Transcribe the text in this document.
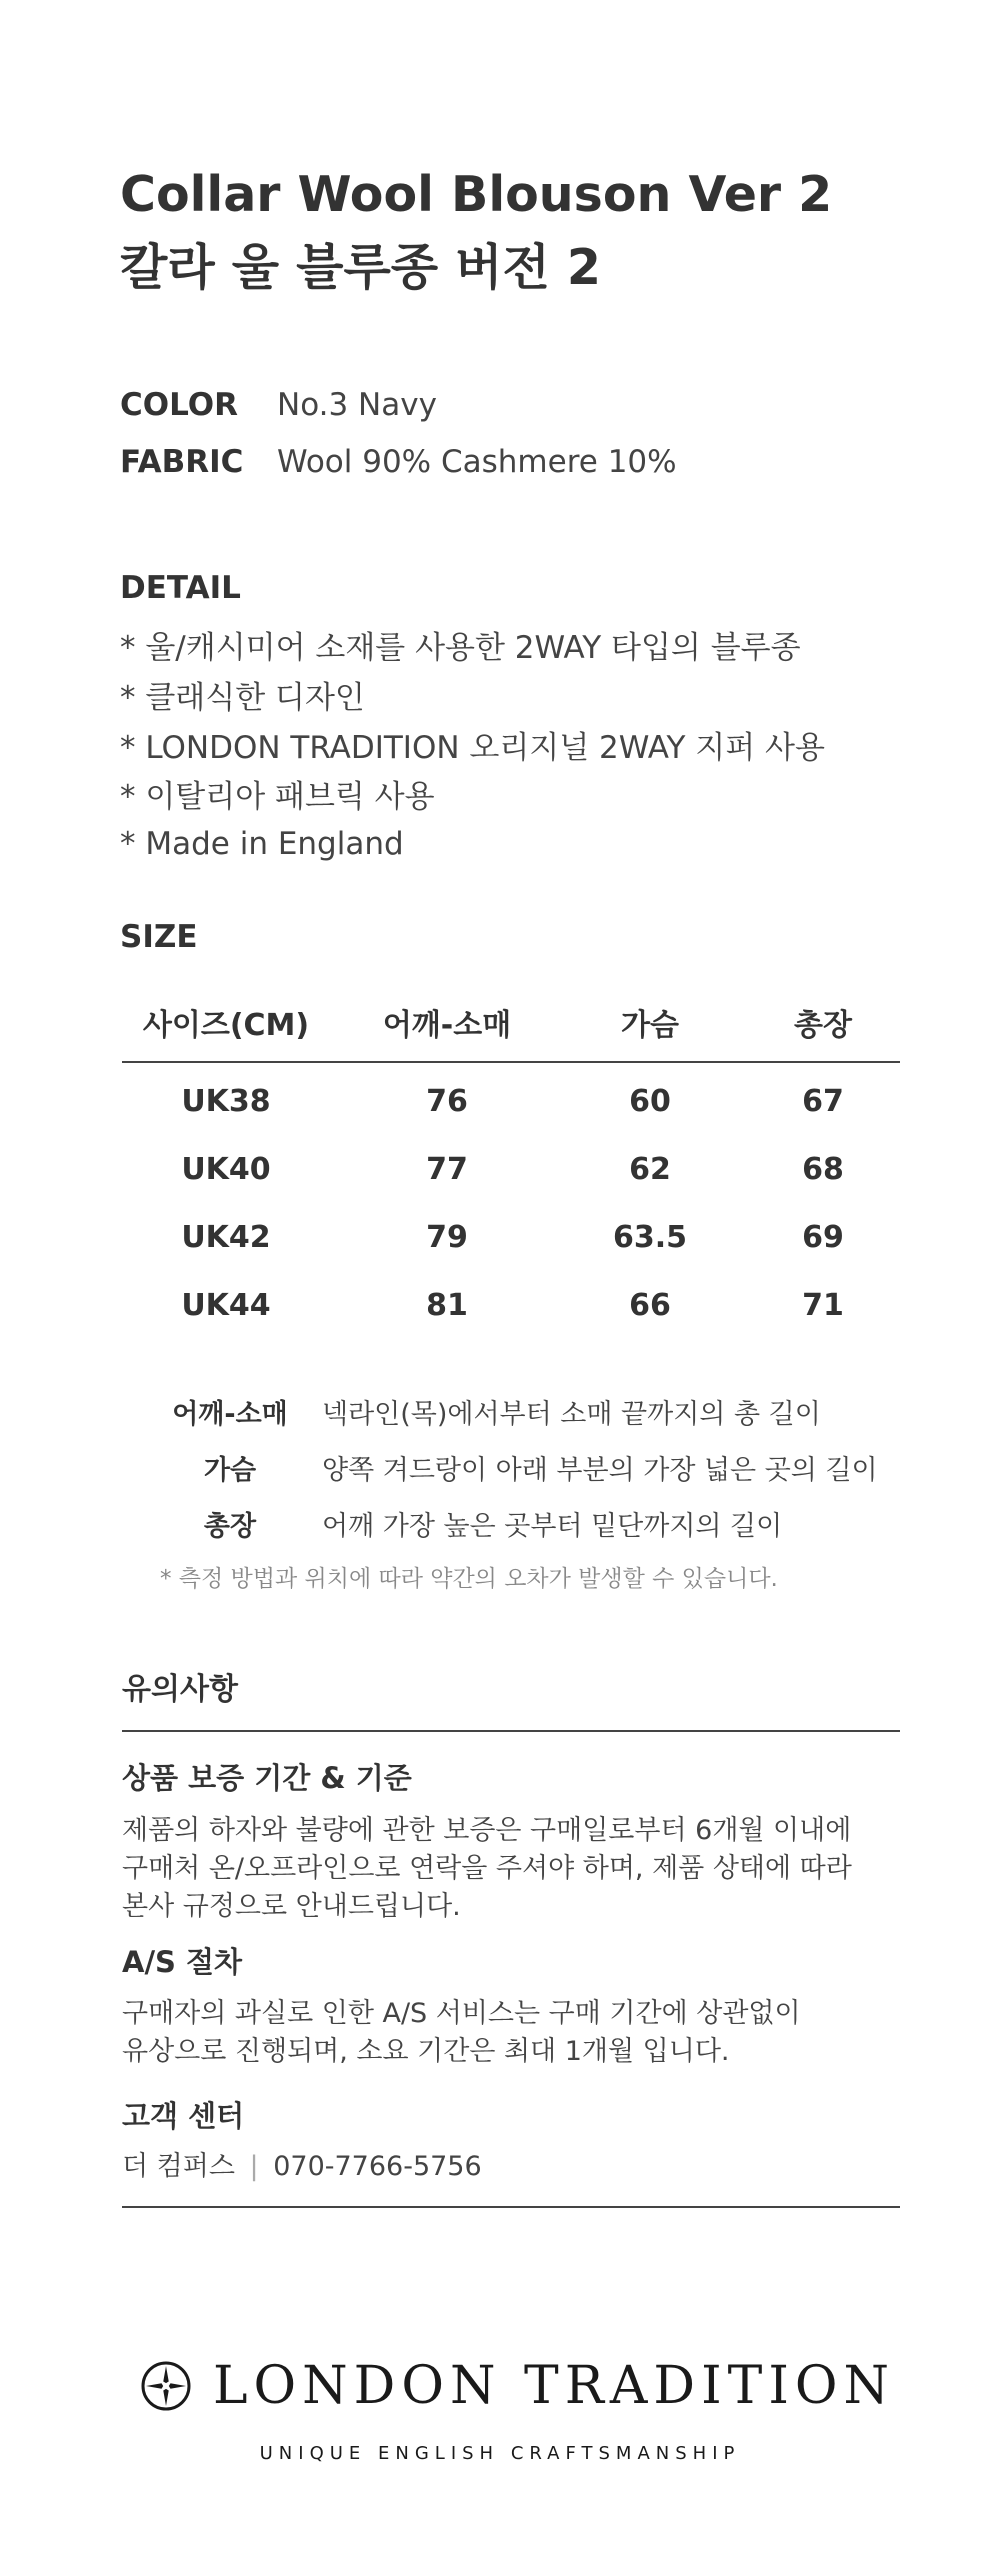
Collar Wool Blouson Ver 2
칼라 울 블루종 버전 2
COLOR No.3 Navy
FABRIC Wool 90% Cashmere 10%
DETAIL
* 울/캐시미어 소재를 사용한 2WAY 타입의 블루종
* 클래식한 디자인
* LONDON TRADITION 오리지널 2WAY 지퍼 사용
* 이탈리아 패브릭 사용
* Made in England
SIZE
사이즈(CM) 어깨-소매	가슴	총장
UK38	76	60	67
UK40	77	62	68
UK42	79	63.5	69
UK44	81	66	71
어깨-소매 넥라인(목)에서부터 소매 끝까지의 총 길이
가슴 양쪽 겨드랑이 아래 부분의 가장 넓은 곳의 길이
총장 어깨 가장 높은 곳부터 밑단까지의 길이
* 측정 방법과 위치에 따라 약간의 오차가 발생할 수 있습니다.
유의사항
상품 보증 기간 & 기준
제품의 하자와 불량에 관한 보증은 구매일로부터 6개월 이내에
구매처 온/오프라인으로 연락을 주셔야 하며, 제품 상태에 따라
본사 규정으로 안내드립니다.
A/S 절차
구매자의 과실로 인한 A/S 서비스는 구매 기간에 상관없이
유상으로 진행되며, 소요 기간은 최대 1개월 입니다.
고객 센터
더 컴퍼스 | 070-7766-5756
LONDON TRADITION
UNIQUE ENGLISH CRAFTSMANSHIP
